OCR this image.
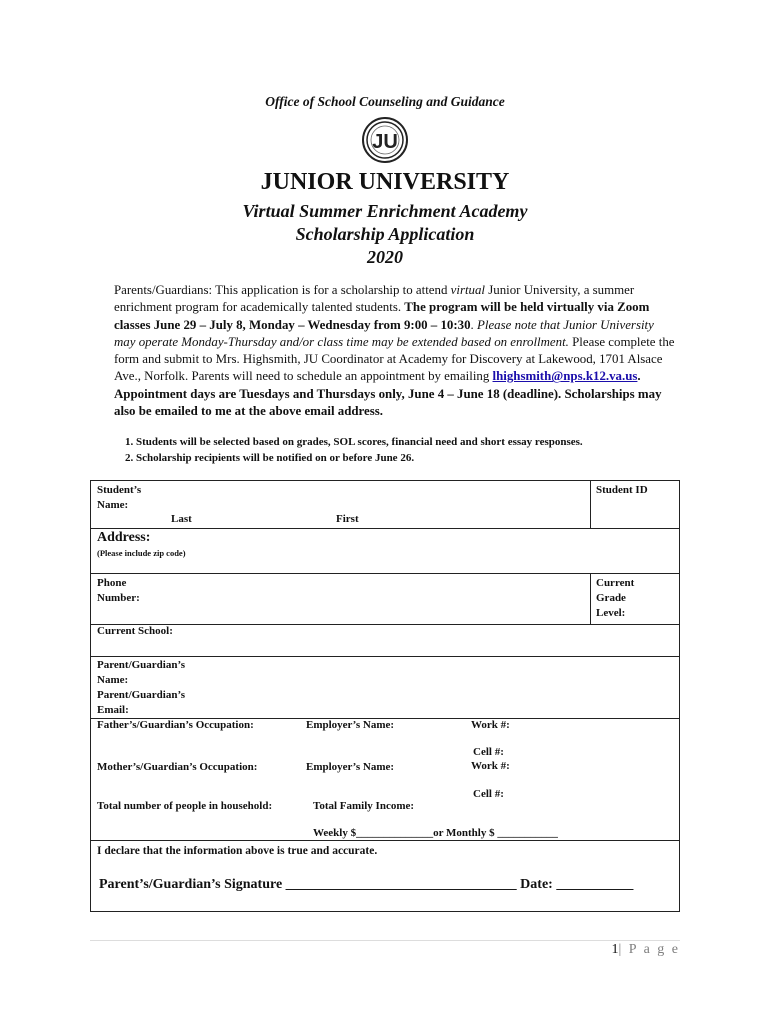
Office of School Counseling and Guidance
JU
JUNIOR UNIVERSITY
Virtual Summer Enrichment Academy
Scholarship Application
2020
Parents/Guardians: This application is for a scholarship to attend virtual Junior University, a summer enrichment program for academically talented students. The program will be held virtually via Zoom classes June 29 – July 8, Monday – Wednesday from 9:00 – 10:30. Please note that Junior University may operate Monday-Thursday and/or class time may be extended based on enrollment. Please complete the form and submit to Mrs. Highsmith, JU Coordinator at Academy for Discovery at Lakewood, 1701 Alsace Ave., Norfolk. Parents will need to schedule an appointment by emailing lhighsmith@nps.k12.va.us. Appointment days are Tuesdays and Thursdays only, June 4 – June 18 (deadline). Scholarships may also be emailed to me at the above email address.
1. Students will be selected based on grades, SOL scores, financial need and short essay responses.
2. Scholarship recipients will be notified on or before June 26.
Student’s Name:
Last	First
Student ID
Address:
(Please include zip code)
Phone Number:
Current Grade Level:
Current School:
Parent/Guardian’s Name:
Parent/Guardian’s Email:
Father’s/Guardian’s Occupation:	Employer’s Name:	Work #:
Cell #:
Mother’s/Guardian’s Occupation:	Employer’s Name:	Work #:
Cell #:
Total number of people in household:	Total Family Income:
Weekly $______________or Monthly $ ___________
I declare that the information above is true and accurate.
Parent’s/Guardian’s Signature _________________________________ Date: ___________
1| P a g e
